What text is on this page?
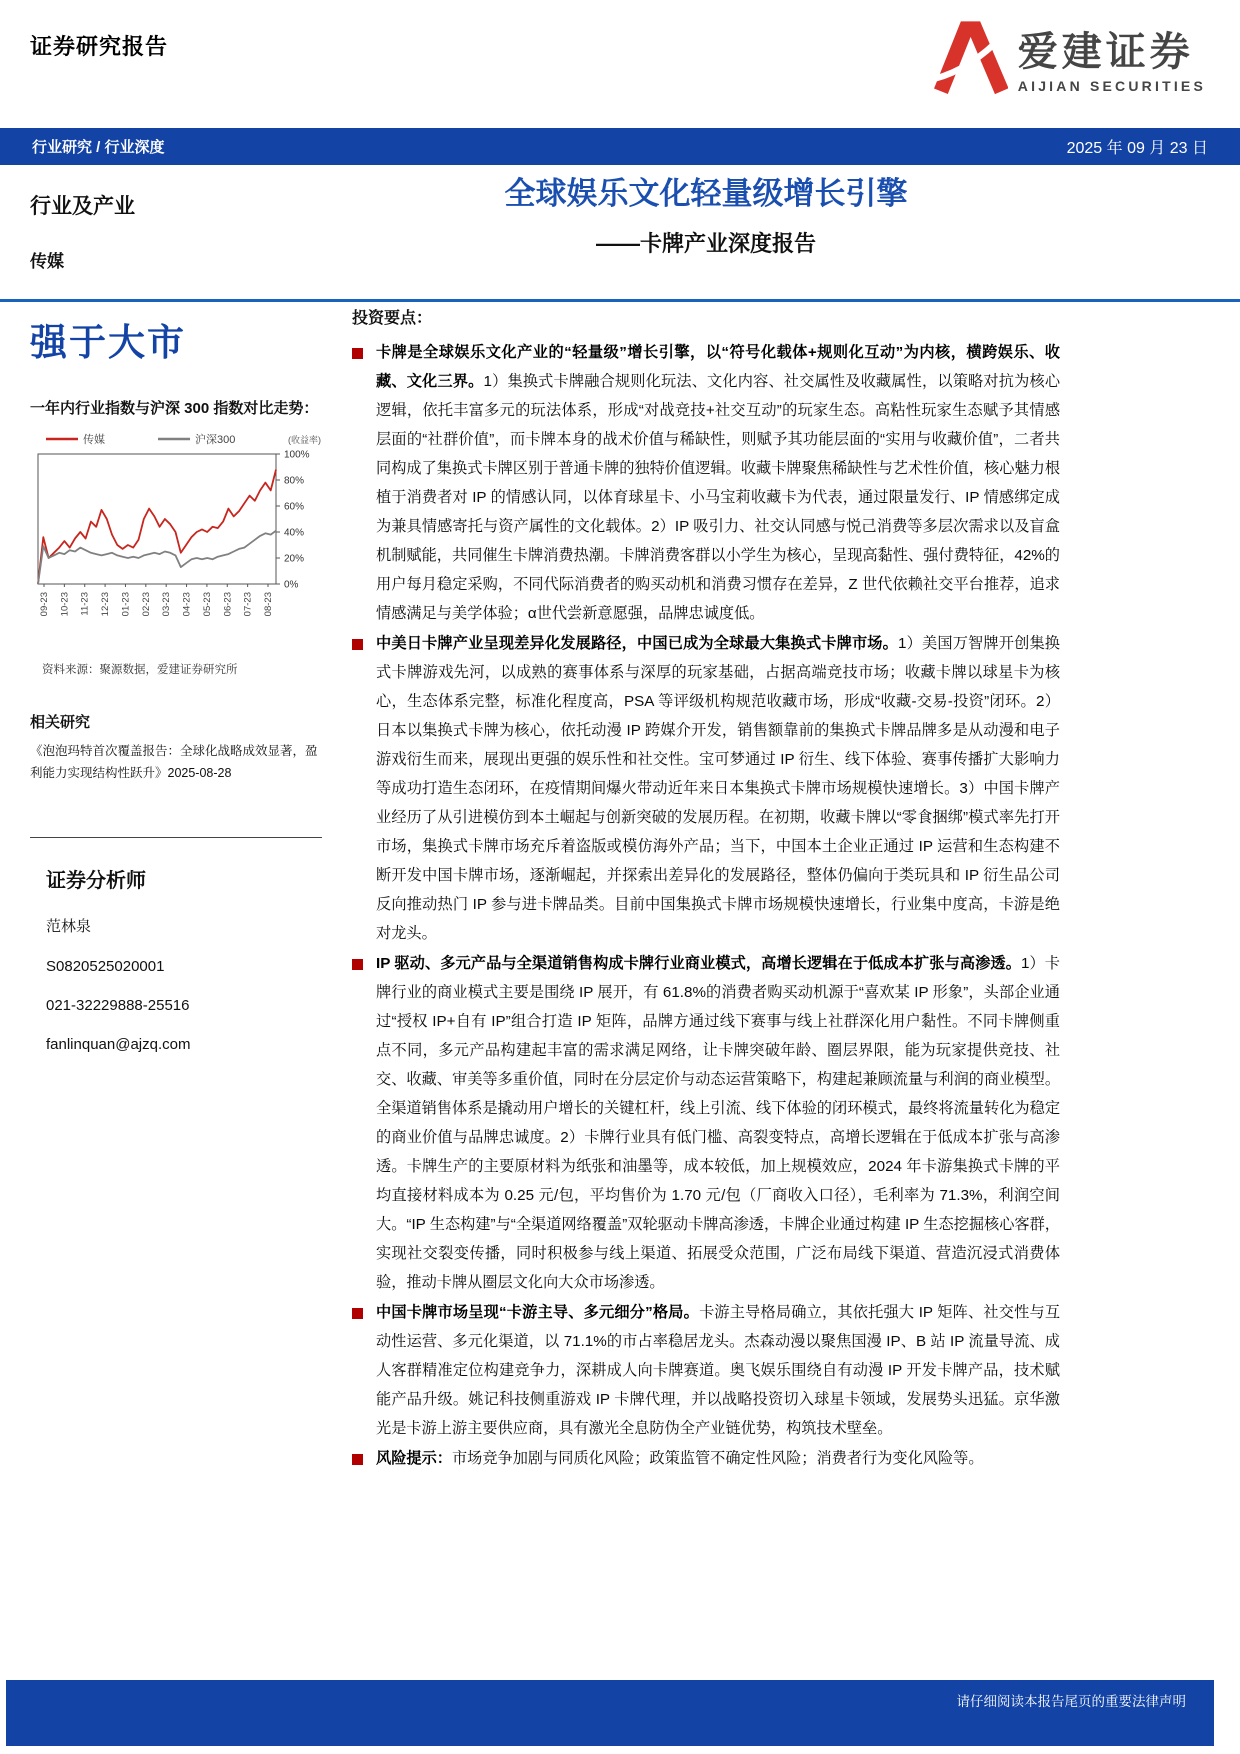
证券研究报告	爱建证券
AIJIAN SECURITIES
行业研究 / 行业深度	2025 年 09 月 23 日
行业及产业
传媒
全球娱乐文化轻量级增长引擎
——卡牌产业深度报告
强于大市
一年内行业指数与沪深 300 指数对比走势：
传媒	沪深300	(收益率)
0%
20%
40%
60%
80%
100%
09-23 10-23 11-23 12-23 01-23 02-23 03-23 04-23 05-23 06-23 07-23 08-23
资料来源：聚源数据，爱建证券研究所
相关研究
《泡泡玛特首次覆盖报告：全球化战略成效显著，盈利能力实现结构性跃升》2025-08-28
证券分析师
范林泉
S0820525020001
021-32229888-25516
fanlinquan@ajzq.com
投资要点：
卡牌是全球娱乐文化产业的“轻量级”增长引擎，以“符号化载体+规则化互动”为内核，横跨娱乐、收藏、文化三界。1）集换式卡牌融合规则化玩法、文化内容、社交属性及收藏属性，以策略对抗为核心逻辑，依托丰富多元的玩法体系，形成“对战竞技+社交互动”的玩家生态。高粘性玩家生态赋予其情感层面的“社群价值”，而卡牌本身的战术价值与稀缺性，则赋予其功能层面的“实用与收藏价值”，二者共同构成了集换式卡牌区别于普通卡牌的独特价值逻辑。收藏卡牌聚焦稀缺性与艺术性价值，核心魅力根植于消费者对 IP 的情感认同，以体育球星卡、小马宝莉收藏卡为代表，通过限量发行、IP 情感绑定成为兼具情感寄托与资产属性的文化载体。2）IP 吸引力、社交认同感与悦己消费等多层次需求以及盲盒机制赋能，共同催生卡牌消费热潮。卡牌消费客群以小学生为核心，呈现高黏性、强付费特征，42%的用户每月稳定采购，不同代际消费者的购买动机和消费习惯存在差异，Z 世代依赖社交平台推荐，追求情感满足与美学体验；α世代尝新意愿强，品牌忠诚度低。
中美日卡牌产业呈现差异化发展路径，中国已成为全球最大集换式卡牌市场。1）美国万智牌开创集换式卡牌游戏先河，以成熟的赛事体系与深厚的玩家基础，占据高端竞技市场；收藏卡牌以球星卡为核心，生态体系完整，标准化程度高，PSA 等评级机构规范收藏市场，形成“收藏-交易-投资”闭环。2）日本以集换式卡牌为核心，依托动漫 IP 跨媒介开发，销售额靠前的集换式卡牌品牌多是从动漫和电子游戏衍生而来，展现出更强的娱乐性和社交性。宝可梦通过 IP 衍生、线下体验、赛事传播扩大影响力等成功打造生态闭环，在疫情期间爆火带动近年来日本集换式卡牌市场规模快速增长。3）中国卡牌产业经历了从引进模仿到本土崛起与创新突破的发展历程。在初期，收藏卡牌以“零食捆绑”模式率先打开市场，集换式卡牌市场充斥着盗版或模仿海外产品；当下，中国本土企业正通过 IP 运营和生态构建不断开发中国卡牌市场，逐渐崛起，并探索出差异化的发展路径，整体仍偏向于类玩具和 IP 衍生品公司反向推动热门 IP 参与进卡牌品类。目前中国集换式卡牌市场规模快速增长，行业集中度高，卡游是绝对龙头。
IP 驱动、多元产品与全渠道销售构成卡牌行业商业模式，高增长逻辑在于低成本扩张与高渗透。1）卡牌行业的商业模式主要是围绕 IP 展开，有 61.8%的消费者购买动机源于“喜欢某 IP 形象”，头部企业通过“授权 IP+自有 IP”组合打造 IP 矩阵，品牌方通过线下赛事与线上社群深化用户黏性。不同卡牌侧重点不同，多元产品构建起丰富的需求满足网络，让卡牌突破年龄、圈层界限，能为玩家提供竞技、社交、收藏、审美等多重价值，同时在分层定价与动态运营策略下，构建起兼顾流量与利润的商业模型。全渠道销售体系是撬动用户增长的关键杠杆，线上引流、线下体验的闭环模式，最终将流量转化为稳定的商业价值与品牌忠诚度。2）卡牌行业具有低门槛、高裂变特点，高增长逻辑在于低成本扩张与高渗透。卡牌生产的主要原材料为纸张和油墨等，成本较低，加上规模效应，2024 年卡游集换式卡牌的平均直接材料成本为 0.25 元/包，平均售价为 1.70 元/包（厂商收入口径），毛利率为 71.3%，利润空间大。“IP 生态构建”与“全渠道网络覆盖”双轮驱动卡牌高渗透，卡牌企业通过构建 IP 生态挖掘核心客群，实现社交裂变传播，同时积极参与线上渠道、拓展受众范围，广泛布局线下渠道、营造沉浸式消费体验，推动卡牌从圈层文化向大众市场渗透。
中国卡牌市场呈现“卡游主导、多元细分”格局。卡游主导格局确立，其依托强大 IP 矩阵、社交性与互动性运营、多元化渠道，以 71.1%的市占率稳居龙头。杰森动漫以聚焦国漫 IP、B 站 IP 流量导流、成人客群精准定位构建竞争力，深耕成人向卡牌赛道。奥飞娱乐围绕自有动漫 IP 开发卡牌产品，技术赋能产品升级。姚记科技侧重游戏 IP 卡牌代理，并以战略投资切入球星卡领域，发展势头迅猛。京华激光是卡游上游主要供应商，具有激光全息防伪全产业链优势，构筑技术壁垒。
风险提示：市场竞争加剧与同质化风险；政策监管不确定性风险；消费者行为变化风险等。
请仔细阅读本报告尾页的重要法律声明
